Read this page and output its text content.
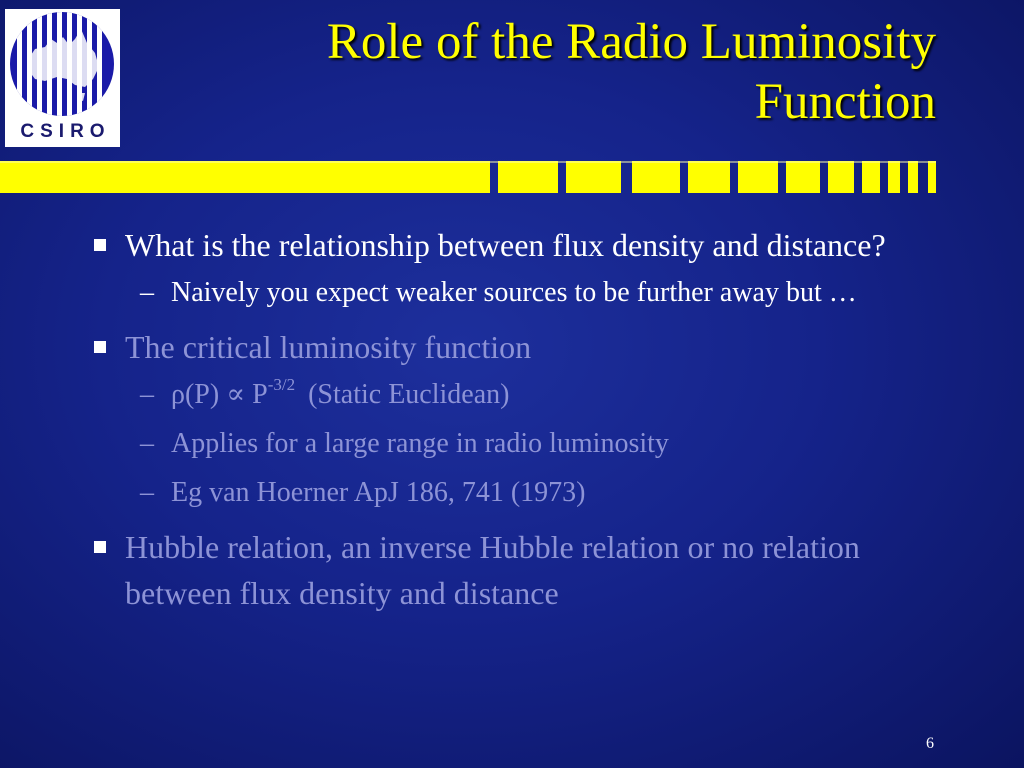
CSIRO
Role of the Radio Luminosity
Function
What is the relationship between flux density and distance?
– Naively you expect weaker sources to be further away but …
The critical luminosity function
– $\rho(P) \propto P^{-3/2}$ (Static Euclidean)
– Applies for a large range in radio luminosity
– Eg van Hoerner ApJ 186, 741 (1973)
Hubble relation, an inverse Hubble relation or no relation between flux density and distance
6
